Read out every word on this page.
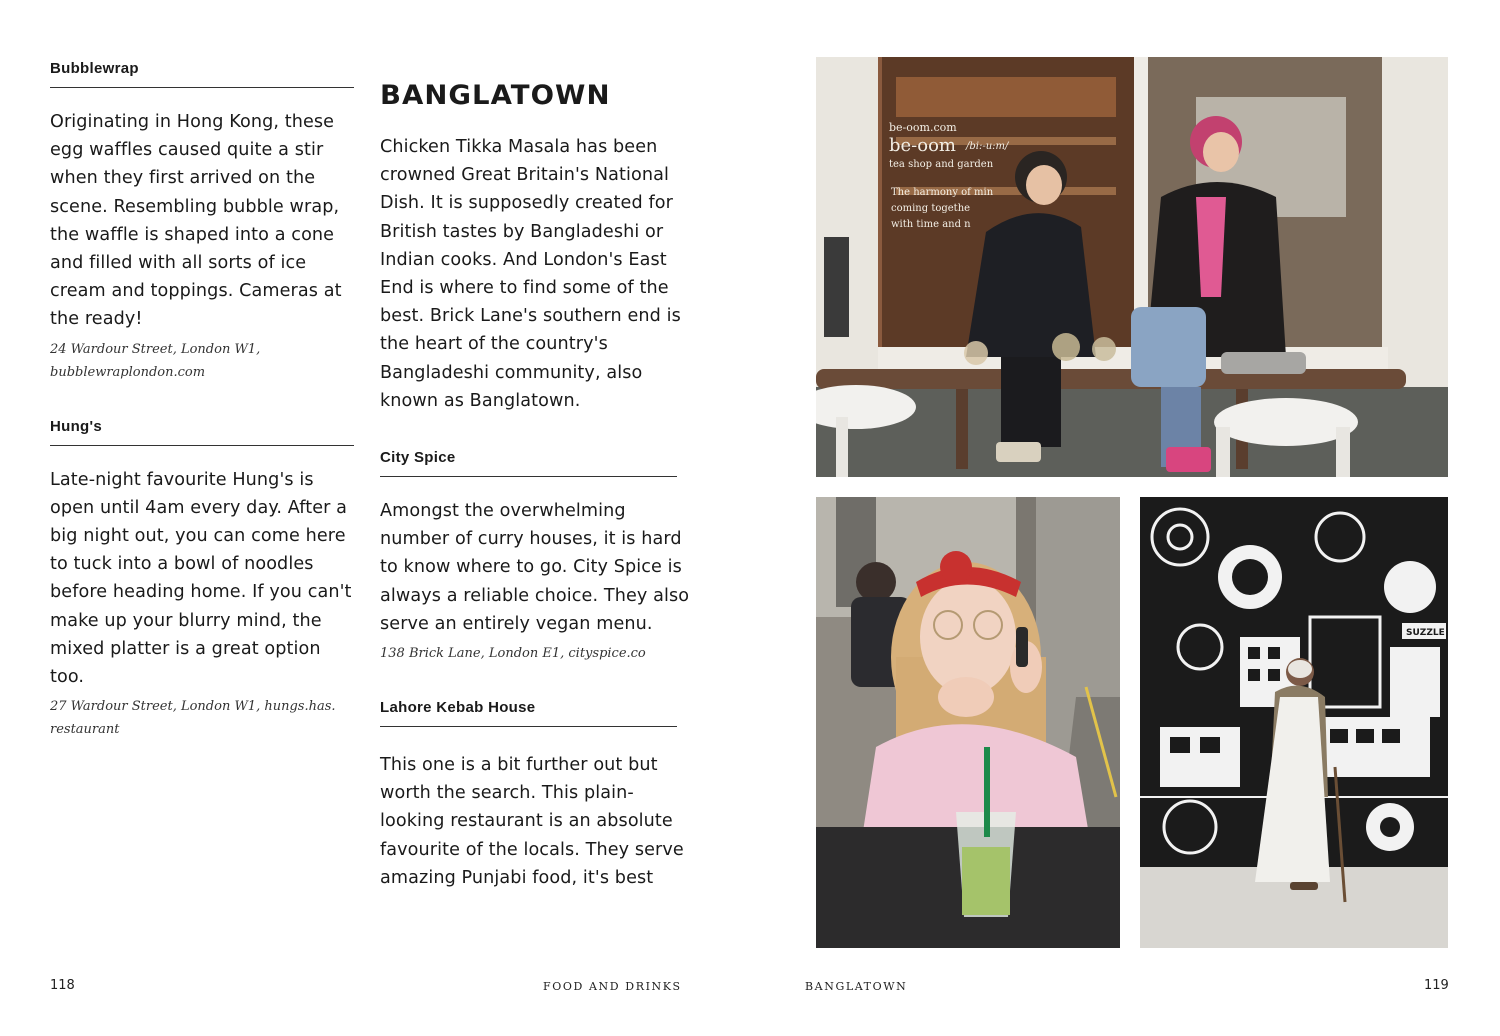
Bubblewrap

Originating in Hong Kong, these egg waffles caused quite a stir when they first arrived on the scene. Resembling bubble wrap, the waffle is shaped into a cone and filled with all sorts of ice cream and toppings. Cameras at the ready!

24 Wardour Street, London W1,
bubblewraplondon.com
Hung's

Late-night favourite Hung's is open until 4am every day. After a big night out, you can come here to tuck into a bowl of noodles before heading home. If you can't make up your blurry mind, the mixed platter is a great option too.

27 Wardour Street, London W1, hungs.has.
restaurant
BANGLATOWN

Chicken Tikka Masala has been crowned Great Britain's National Dish. It is supposedly created for British tastes by Bangladeshi or Indian cooks. And London's East End is where to find some of the best. Brick Lane's southern end is the heart of the country's Bangladeshi community, also known as Banglatown.

City Spice

Amongst the overwhelming number of curry houses, it is hard to know where to go. City Spice is always a reliable choice. They also serve an entirely vegan menu.

138 Brick Lane, London E1, cityspice.co
Lahore Kebab House

This one is a bit further out but worth the search. This plain-looking restaurant is an absolute favourite of the locals. They serve amazing Punjabi food, it's best

be-oom.com
be-oom /bi:-u:m/
tea shop and garden
The harmony of min
coming togethe
with time and n
SUZZLE
118	FOOD AND DRINKS	BANGLATOWN	119
